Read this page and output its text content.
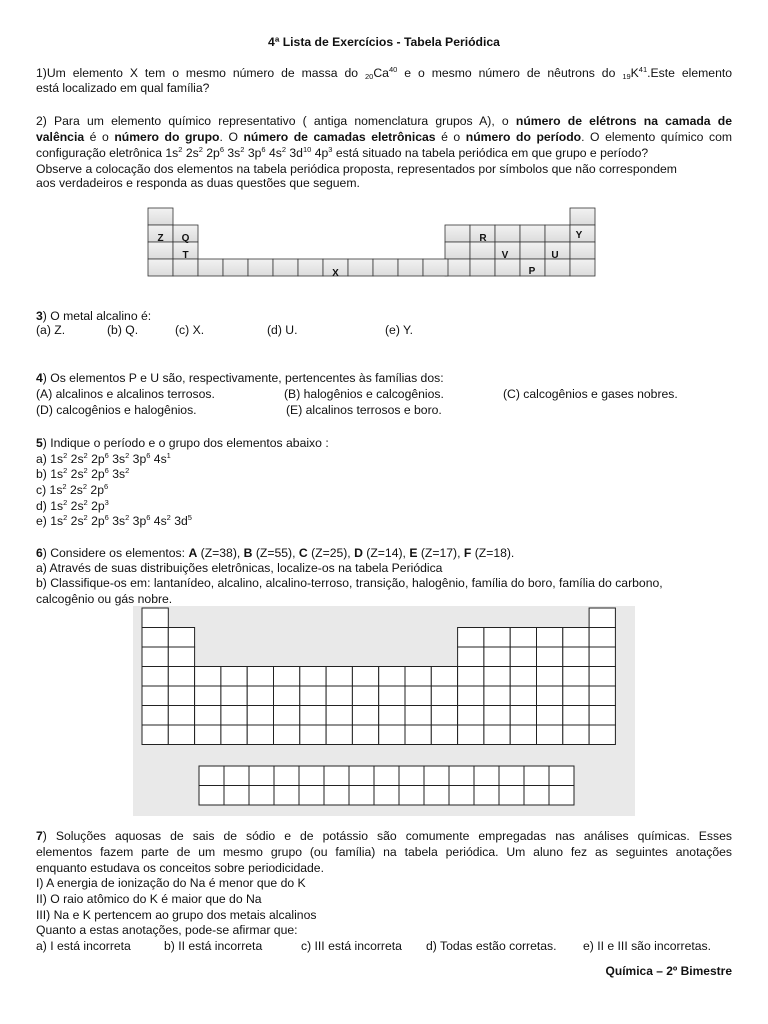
4ª Lista de Exercícios - Tabela Periódica
1)Um elemento X tem o mesmo número de massa do $_{20}Ca^{40}$ e o mesmo número de nêutrons do $_{19}K^{41}.Este$ elemento
está localizado em qual família?
2) Para um elemento químico representativo ( antiga nomenclatura grupos A), o número de elétrons na camada de
valência é o número do grupo. O número de camadas eletrônicas é o número do período. O elemento químico com
configuração eletrônica $1s^2$ $2s^2$ $2p^6$ $3s^2$ $3p^6$ $4s^2$ $3d^{10}$ $4p^3$ está situado na tabela periódica em que grupo e período?
Observe a colocação dos elementos na tabela periódica proposta, representados por símbolos que não correspondem
aos verdadeiros e responda as duas questões que seguem.
Z Q
T
X
R
V	U
P
Y
3) O metal alcalino é:
(a) Z.	(b) Q.	(c) X.	(d) U.	(e) Y.
4) Os elementos P e U são, respectivamente, pertencentes às famílias dos:
(A) alcalinos e alcalinos terrosos.	(B) halogênios e calcogênios.	(C) calcogênios e gases nobres.
(D) calcogênios e halogênios.	(E) alcalinos terrosos e boro.
5) Indique o período e o grupo dos elementos abaixo :
a) $1s^2$ $2s^2$ $2p^6$ $3s^2$ $3p^6$ $4s^1$
b) $1s^2$ $2s^2$ $2p^6$ $3s^2$
c) $1s^2$ $2s^2$ $2p^6$
d) $1s^2$ $2s^2$ $2p^3$
e) $1s^2$ $2s^2$ $2p^6$ $3s^2$ $3p^6$ $4s^2$ $3d^5$
6) Considere os elementos: A (Z=38), B (Z=55), C (Z=25), D (Z=14), E (Z=17), F (Z=18).
a) Através de suas distribuições eletrônicas, localize-os na tabela Periódica
b) Classifique-os em: lantanídeo, alcalino, alcalino-terroso, transição, halogênio, família do boro, família do carbono,
calcogênio ou gás nobre.
7) Soluções aquosas de sais de sódio e de potássio são comumente empregadas nas análises químicas. Esses
elementos fazem parte de um mesmo grupo (ou família) na tabela periódica. Um aluno fez as seguintes anotações
enquanto estudava os conceitos sobre periodicidade.
I) A energia de ionização do Na é menor que do K
II) O raio atômico do K é maior que do Na
III) Na e K pertencem ao grupo dos metais alcalinos
Quanto a estas anotações, pode-se afirmar que:
a) I está incorreta	b) II está incorreta	c) III está incorreta d) Todas estão corretas. e) II e III são incorretas.
Química – 2º Bimestre
